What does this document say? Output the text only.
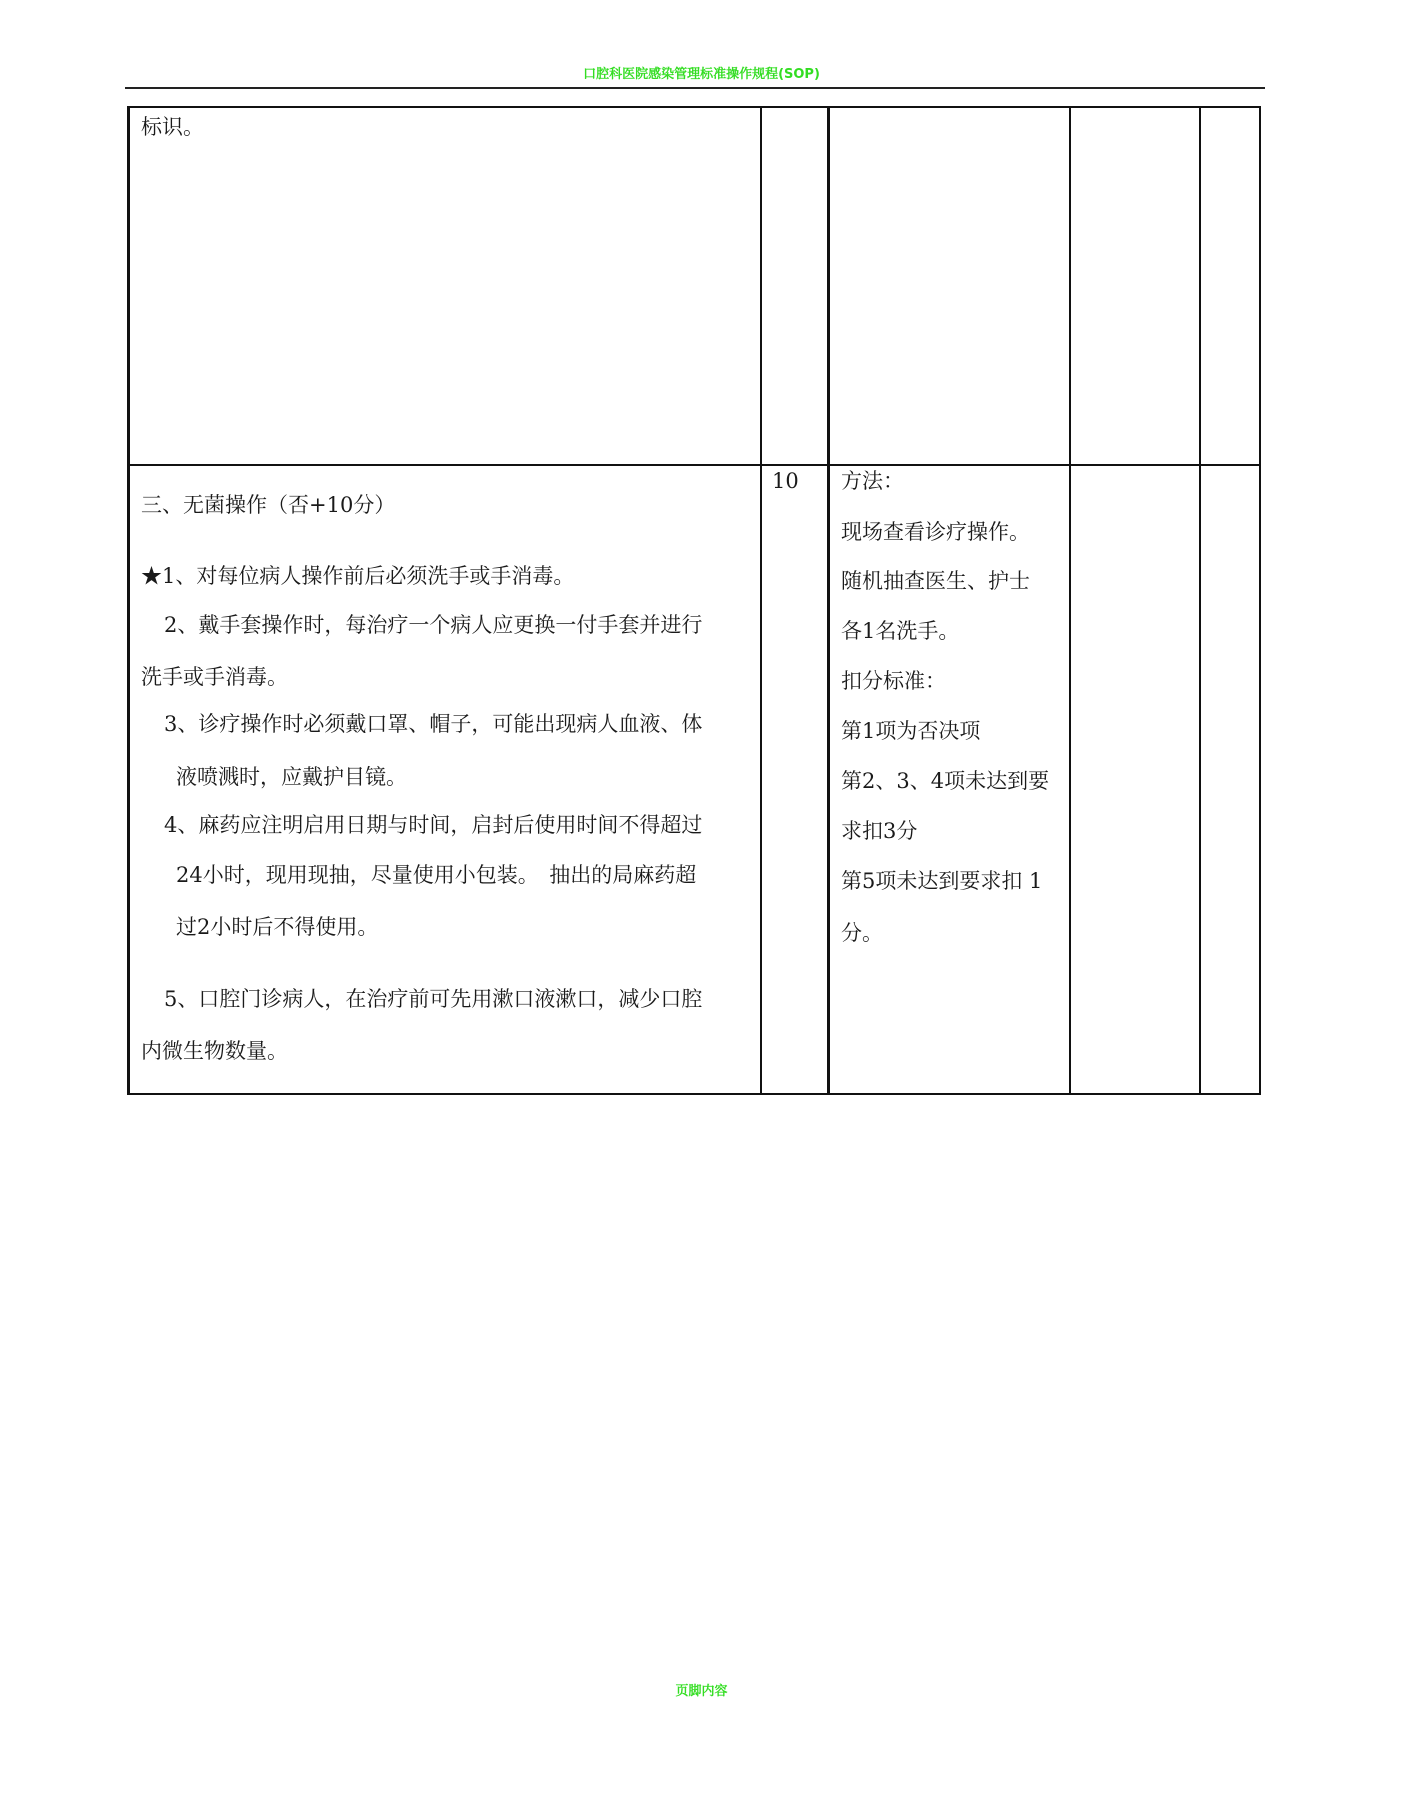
口腔科医院感染管理标准操作规程(SOP)
标识。
三、无菌操作（否+10分）
★1、对每位病人操作前后必须洗手或手消毒。
2、戴手套操作时，每治疗一个病人应更换一付手套并进行
洗手或手消毒。
3、诊疗操作时必须戴口罩、帽子，可能出现病人血液、体
液喷溅时，应戴护目镜。
4、麻药应注明启用日期与时间，启封后使用时间不得超过
24小时，现用现抽，尽量使用小包装。　抽出的局麻药超
过2小时后不得使用。
5、口腔门诊病人，在治疗前可先用漱口液漱口，减少口腔
内微生物数量。
10 方法：
现场查看诊疗操作。
随机抽查医生、护士
各1名洗手。
扣分标准：
第1项为否决项
第2、3、4项未达到要
求扣3分
第5项未达到要求扣 1
分。
页脚内容
